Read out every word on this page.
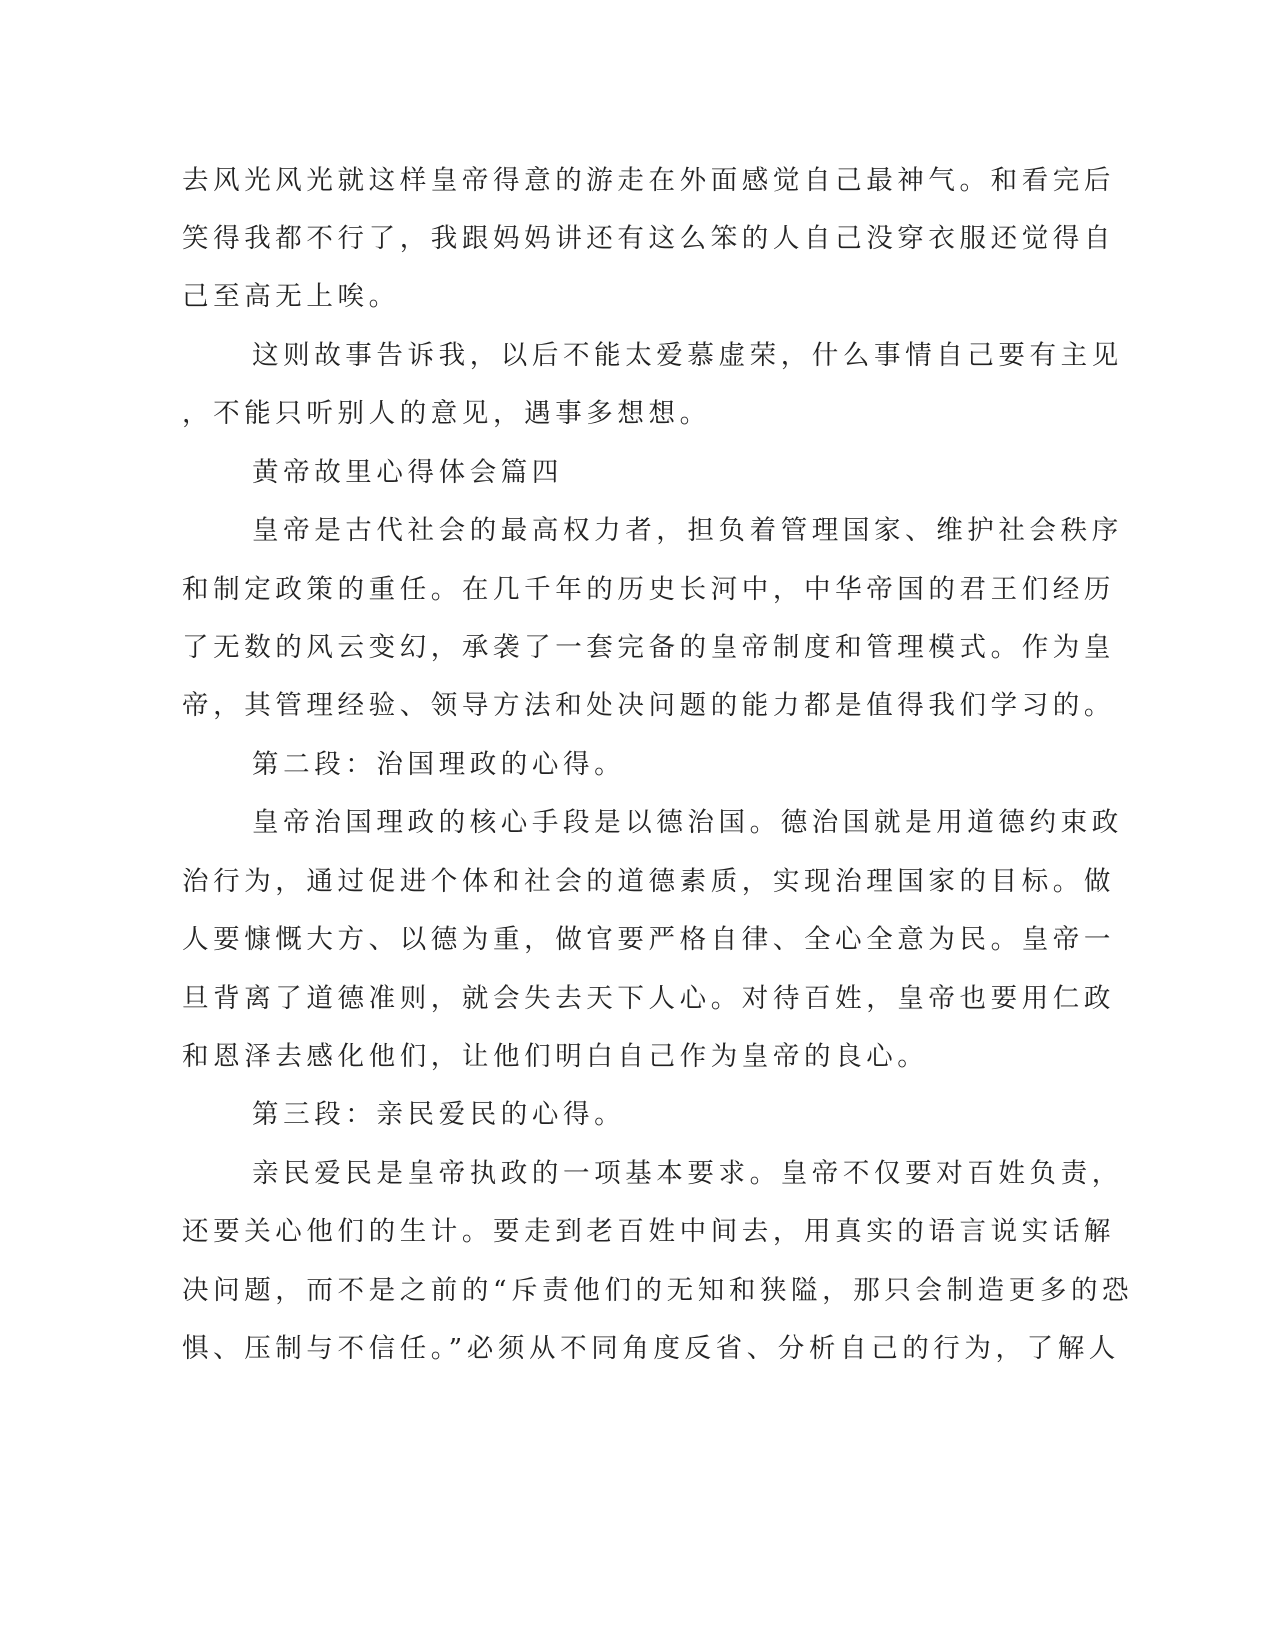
去风光风光就这样皇帝得意的游走在外面感觉自己最神气。和看完后
笑得我都不行了，我跟妈妈讲还有这么笨的人自己没穿衣服还觉得自
己至高无上唉。
这则故事告诉我，以后不能太爱慕虚荣，什么事情自己要有主见
，不能只听别人的意见，遇事多想想。
黄帝故里心得体会篇四
皇帝是古代社会的最高权力者，担负着管理国家、维护社会秩序
和制定政策的重任。在几千年的历史长河中，中华帝国的君王们经历
了无数的风云变幻，承袭了一套完备的皇帝制度和管理模式。作为皇
帝，其管理经验、领导方法和处决问题的能力都是值得我们学习的。
第二段：治国理政的心得。
皇帝治国理政的核心手段是以德治国。德治国就是用道德约束政
治行为，通过促进个体和社会的道德素质，实现治理国家的目标。做
人要慷慨大方、以德为重，做官要严格自律、全心全意为民。皇帝一
旦背离了道德准则，就会失去天下人心。对待百姓，皇帝也要用仁政
和恩泽去感化他们，让他们明白自己作为皇帝的良心。
第三段：亲民爱民的心得。
亲民爱民是皇帝执政的一项基本要求。皇帝不仅要对百姓负责，
还要关心他们的生计。要走到老百姓中间去，用真实的语言说实话解
决问题，而不是之前的“斥责他们的无知和狭隘，那只会制造更多的恐
惧、压制与不信任。”必须从不同角度反省、分析自己的行为，了解人
